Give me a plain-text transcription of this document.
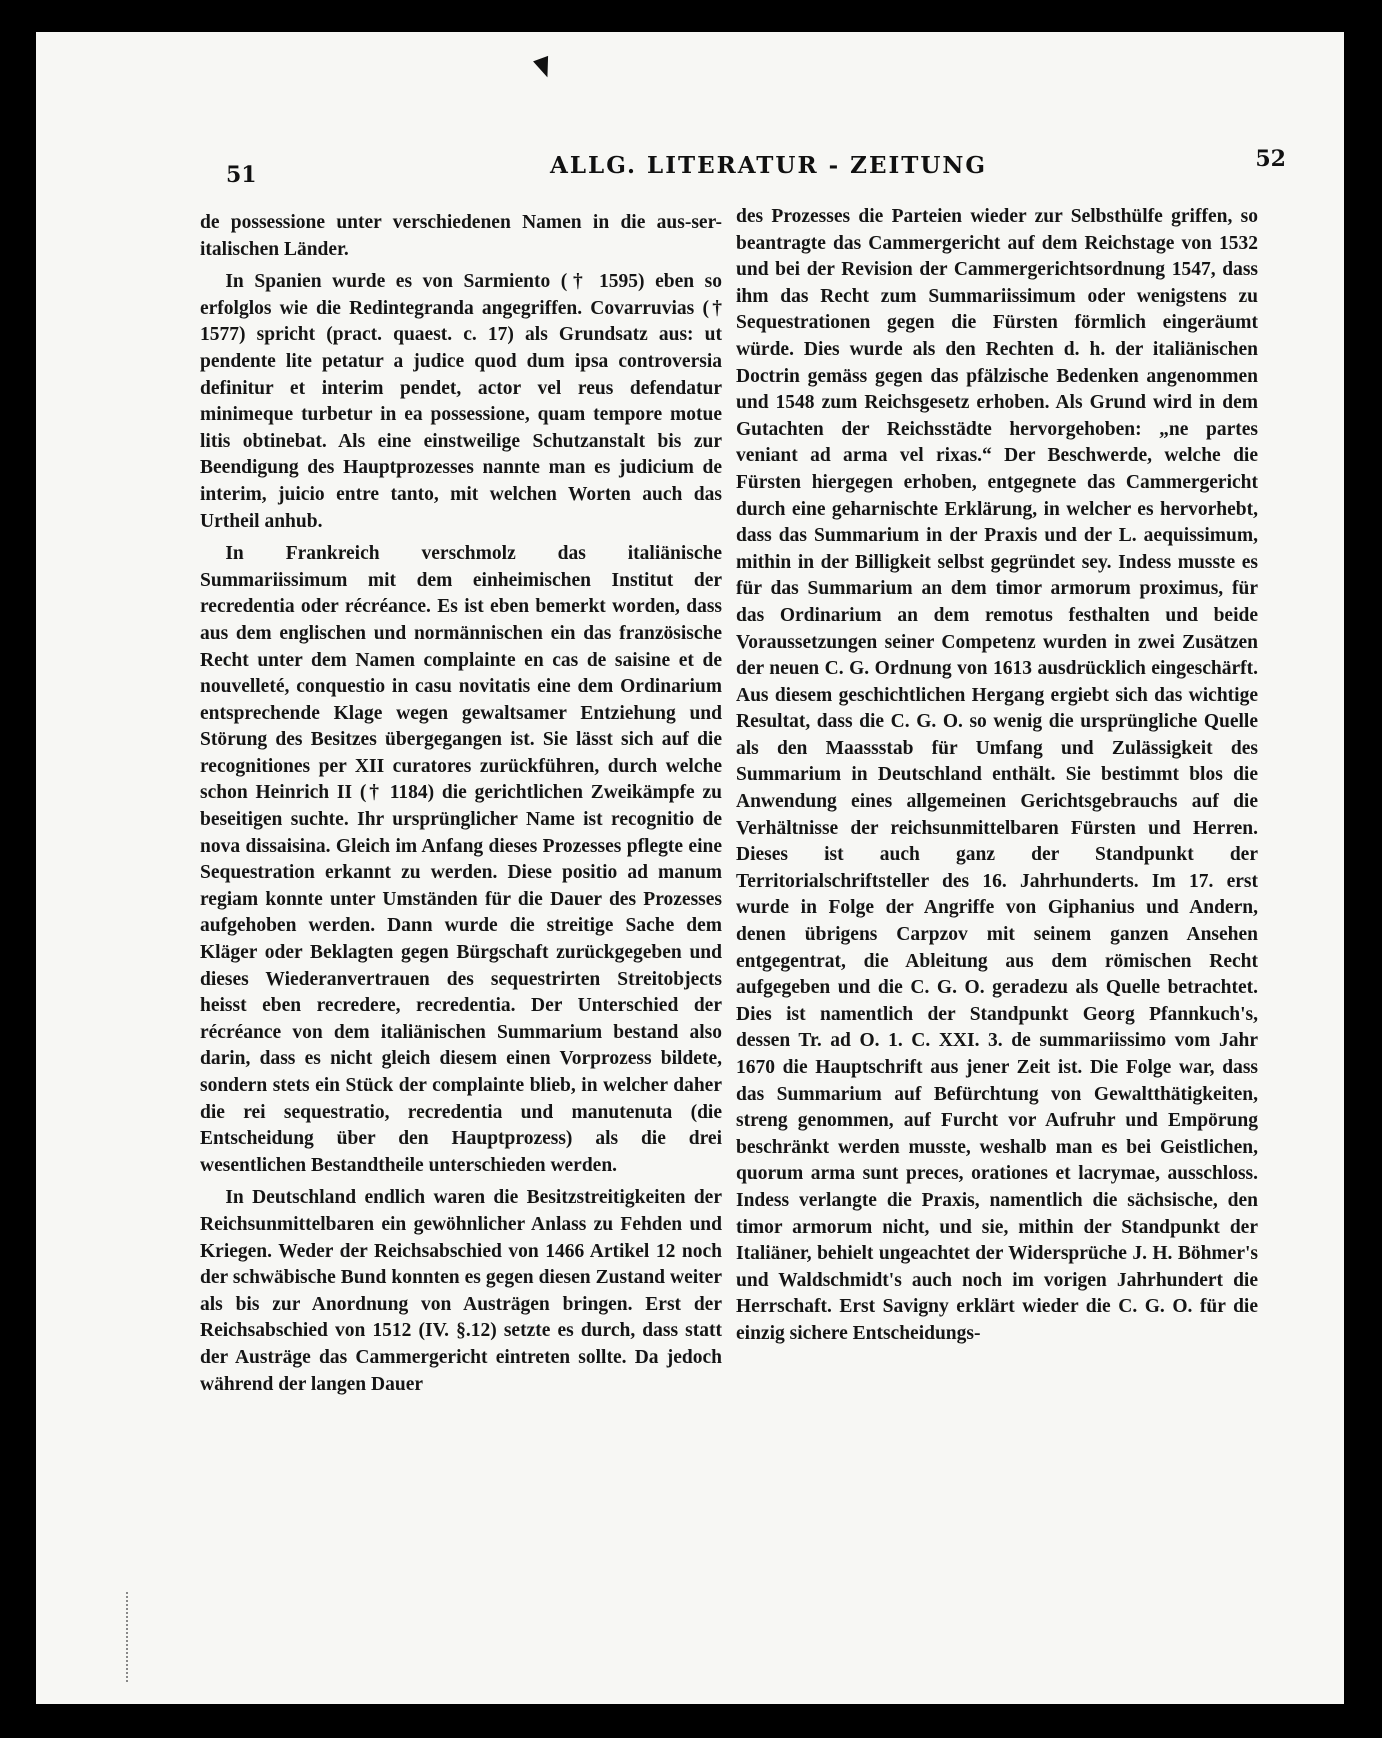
51	ALLG. LITERATUR - ZEITUNG	52

de possessione unter verschiedenen Namen in die aus-ser-italischen Länder.

In Spanien wurde es von Sarmiento († 1595) eben so erfolglos wie die Redintegranda angegriffen. Covarruvias († 1577) spricht (pract. quaest. c. 17) als Grundsatz aus: ut pendente lite petatur a judice quod dum ipsa controversia definitur et interim pendet, actor vel reus defendatur minimeque turbetur in ea possessione, quam tempore motue litis obtinebat. Als eine einstweilige Schutzanstalt bis zur Beendigung des Hauptprozesses nannte man es judicium de interim, juicio entre tanto, mit welchen Worten auch das Urtheil anhub.

In Frankreich verschmolz das italiänische Summariissimum mit dem einheimischen Institut der recredentia oder récréance. Es ist eben bemerkt worden, dass aus dem englischen und normännischen ein das französische Recht unter dem Namen complainte en cas de saisine et de nouvelleté, conquestio in casu novitatis eine dem Ordinarium entsprechende Klage wegen gewaltsamer Entziehung und Störung des Besitzes übergegangen ist. Sie lässt sich auf die recognitiones per XII curatores zurückführen, durch welche schon Heinrich II († 1184) die gerichtlichen Zweikämpfe zu beseitigen suchte. Ihr ursprünglicher Name ist recognitio de nova dissaisina. Gleich im Anfang dieses Prozesses pflegte eine Sequestration erkannt zu werden. Diese positio ad manum regiam konnte unter Umständen für die Dauer des Prozesses aufgehoben werden. Dann wurde die streitige Sache dem Kläger oder Beklagten gegen Bürgschaft zurückgegeben und dieses Wiederanvertrauen des sequestrirten Streitobjects heisst eben recredere, recredentia. Der Unterschied der récréance von dem italiänischen Summarium bestand also darin, dass es nicht gleich diesem einen Vorprozess bildete, sondern stets ein Stück der complainte blieb, in welcher daher die rei sequestratio, recredentia und manutenuta (die Entscheidung über den Hauptprozess) als die drei wesentlichen Bestandtheile unterschieden werden.

In Deutschland endlich waren die Besitzstreitigkeiten der Reichsunmittelbaren ein gewöhnlicher Anlass zu Fehden und Kriegen. Weder der Reichsabschied von 1466 Artikel 12 noch der schwäbische Bund konnten es gegen diesen Zustand weiter als bis zur Anordnung von Austrägen bringen. Erst der Reichsabschied von 1512 (IV. §.12) setzte es durch, dass statt der Austräge das Cammergericht eintreten sollte. Da jedoch während der langen Dauer

des Prozesses die Parteien wieder zur Selbsthülfe griffen, so beantragte das Cammergericht auf dem Reichstage von 1532 und bei der Revision der Cammergerichtsordnung 1547, dass ihm das Recht zum Summariissimum oder wenigstens zu Sequestrationen gegen die Fürsten förmlich eingeräumt würde. Dies wurde als den Rechten d. h. der italiänischen Doctrin gemäss gegen das pfälzische Bedenken angenommen und 1548 zum Reichsgesetz erhoben. Als Grund wird in dem Gutachten der Reichsstädte hervorgehoben: „ne partes veniant ad arma vel rixas.“ Der Beschwerde, welche die Fürsten hiergegen erhoben, entgegnete das Cammergericht durch eine geharnischte Erklärung, in welcher es hervorhebt, dass das Summarium in der Praxis und der L. aequissimum, mithin in der Billigkeit selbst gegründet sey. Indess musste es für das Summarium an dem timor armorum proximus, für das Ordinarium an dem remotus festhalten und beide Voraussetzungen seiner Competenz wurden in zwei Zusätzen der neuen C. G. Ordnung von 1613 ausdrücklich eingeschärft. Aus diesem geschichtlichen Hergang ergiebt sich das wichtige Resultat, dass die C. G. O. so wenig die ursprüngliche Quelle als den Maassstab für Umfang und Zulässigkeit des Summarium in Deutschland enthält. Sie bestimmt blos die Anwendung eines allgemeinen Gerichtsgebrauchs auf die Verhältnisse der reichsunmittelbaren Fürsten und Herren. Dieses ist auch ganz der Standpunkt der Territorialschriftsteller des 16. Jahrhunderts. Im 17. erst wurde in Folge der Angriffe von Giphanius und Andern, denen übrigens Carpzov mit seinem ganzen Ansehen entgegentrat, die Ableitung aus dem römischen Recht aufgegeben und die C. G. O. geradezu als Quelle betrachtet. Dies ist namentlich der Standpunkt Georg Pfannkuch's, dessen Tr. ad O. 1. C. XXI. 3. de summariissimo vom Jahr 1670 die Hauptschrift aus jener Zeit ist. Die Folge war, dass das Summarium auf Befürchtung von Gewaltthätigkeiten, streng genommen, auf Furcht vor Aufruhr und Empörung beschränkt werden musste, weshalb man es bei Geistlichen, quorum arma sunt preces, orationes et lacrymae, ausschloss. Indess verlangte die Praxis, namentlich die sächsische, den timor armorum nicht, und sie, mithin der Standpunkt der Italiäner, behielt ungeachtet der Widersprüche J. H. Böhmer's und Waldschmidt's auch noch im vorigen Jahrhundert die Herrschaft. Erst Savigny erklärt wieder die C. G. O. für die einzig sichere Entscheidungs-
